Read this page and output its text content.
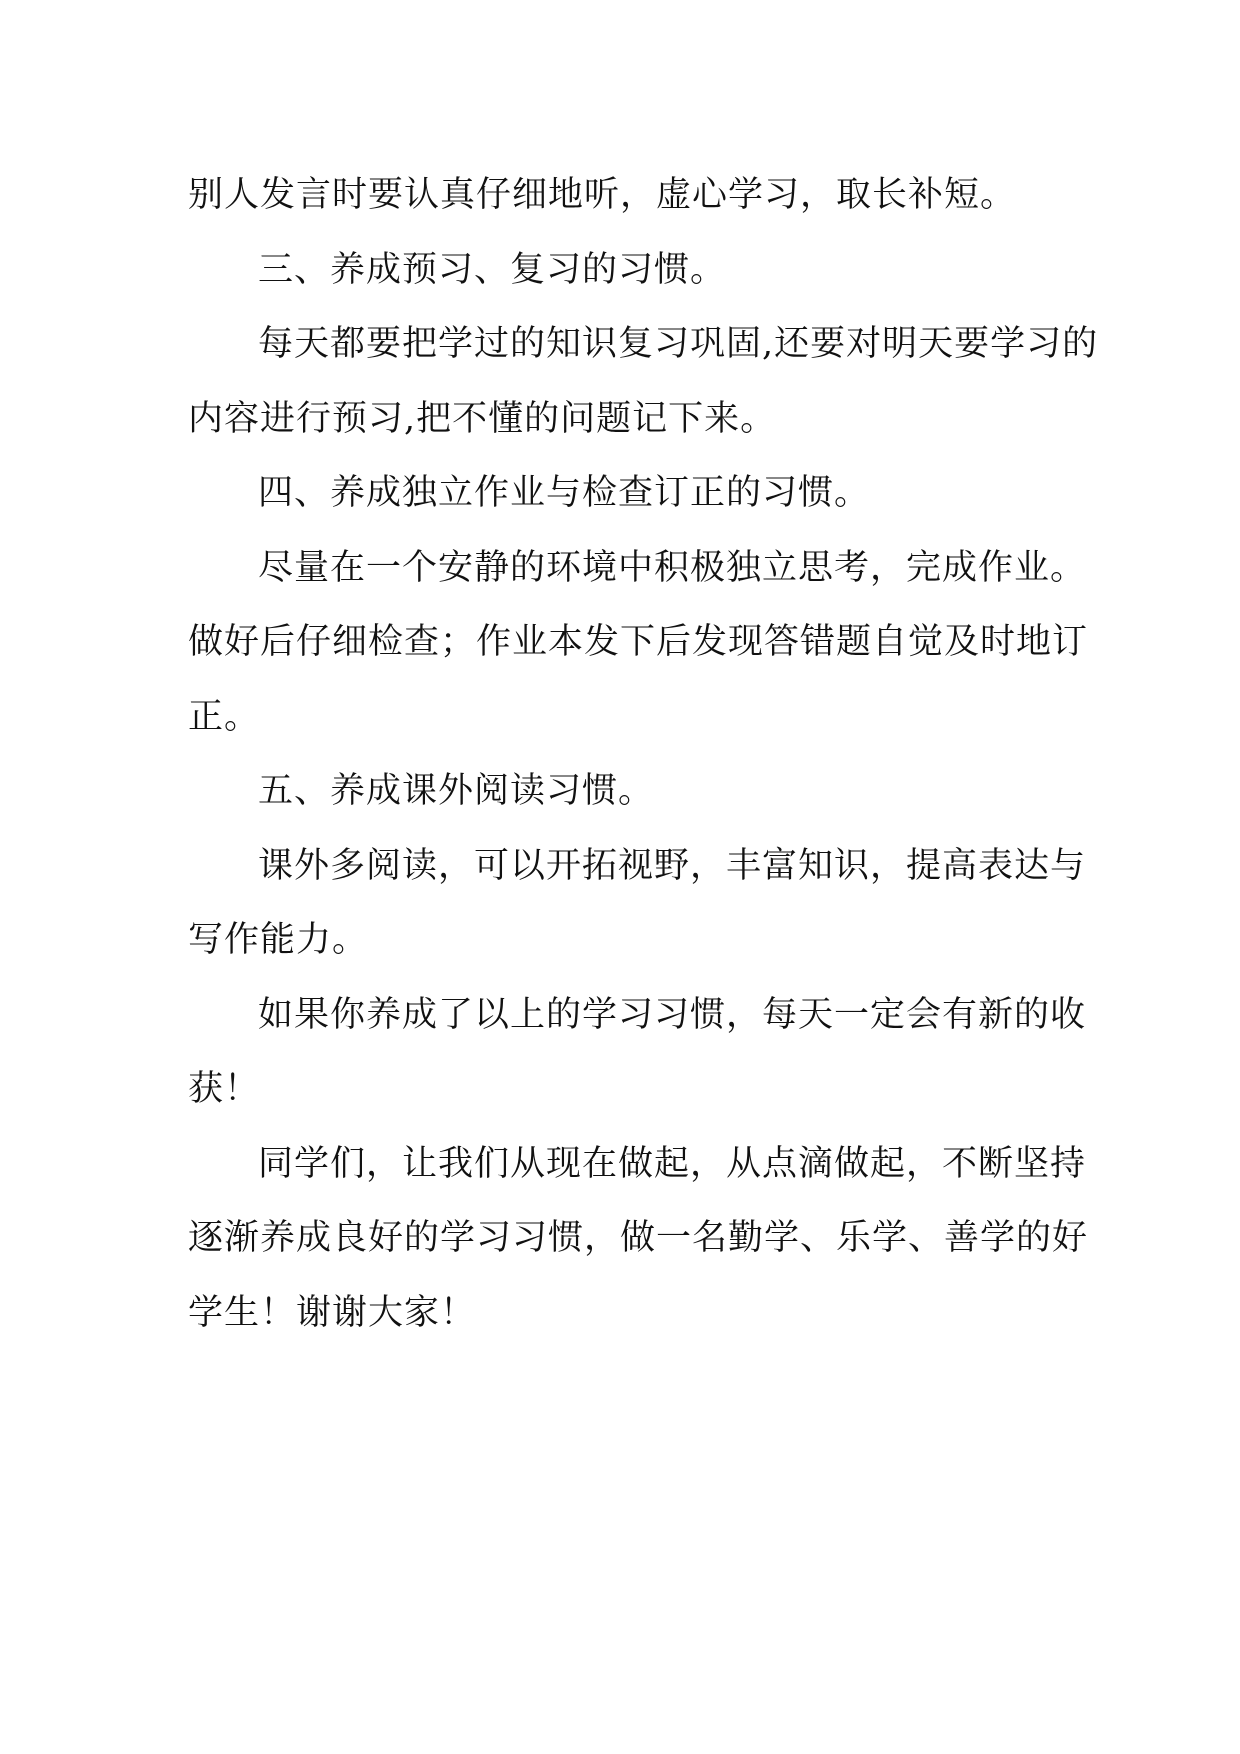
别人发言时要认真仔细地听，虚心学习，取长补短。
三、养成预习、复习的习惯。
每天都要把学过的知识复习巩固,还要对明天要学习的
内容进行预习,把不懂的问题记下来。
四、养成独立作业与检查订正的习惯。
尽量在一个安静的环境中积极独立思考，完成作业。
做好后仔细检查；作业本发下后发现答错题自觉及时地订
正。
五、养成课外阅读习惯。
课外多阅读，可以开拓视野，丰富知识，提高表达与
写作能力。
如果你养成了以上的学习习惯，每天一定会有新的收
获！
同学们，让我们从现在做起，从点滴做起，不断坚持
逐渐养成良好的学习习惯，做一名勤学、乐学、善学的好
学生！谢谢大家！
